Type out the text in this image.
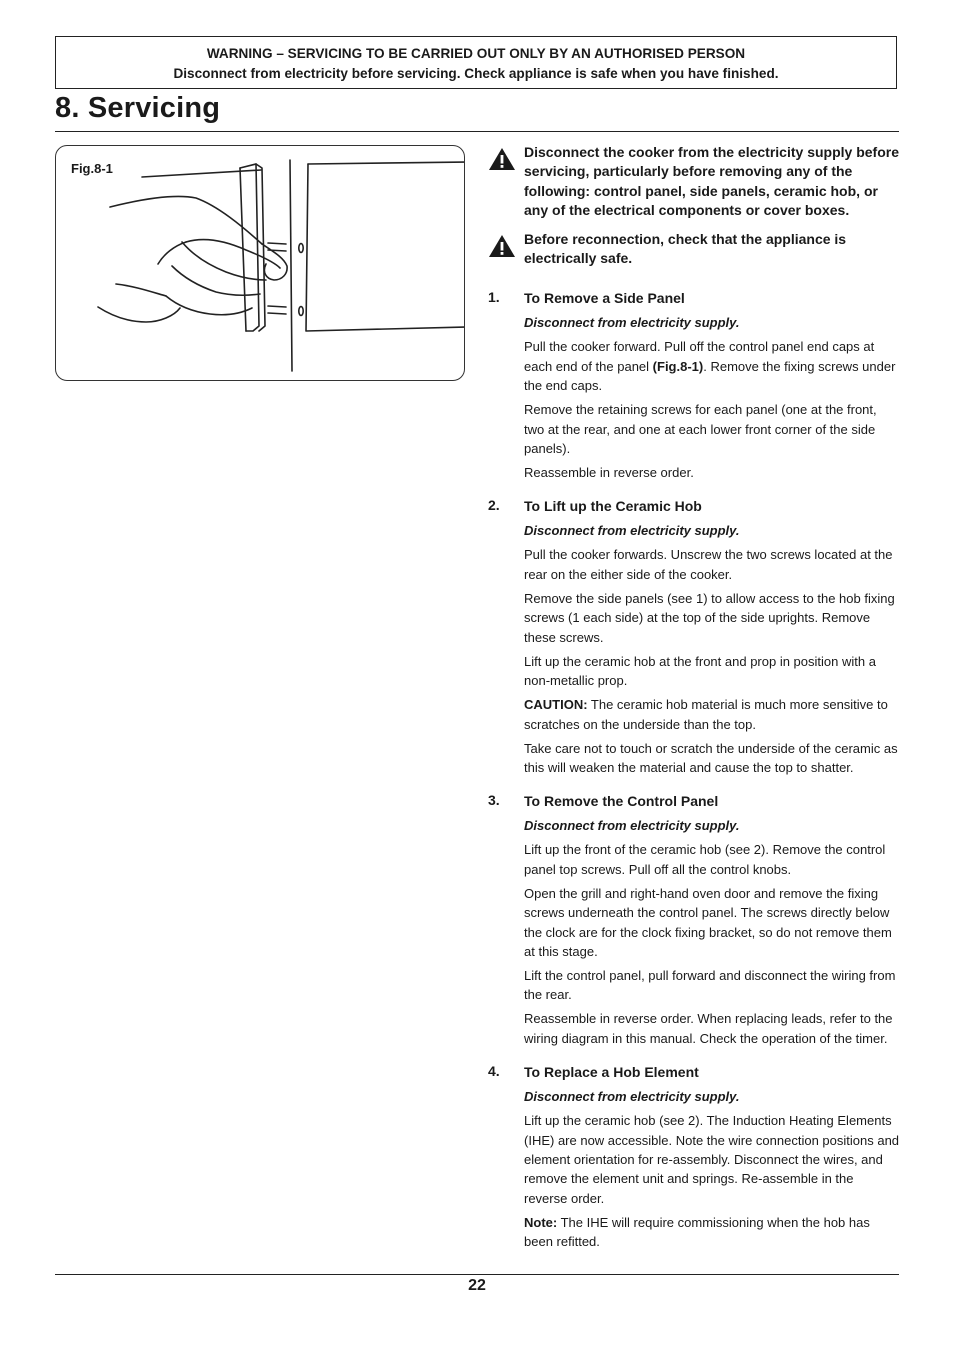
WARNING – SERVICING TO BE CARRIED OUT ONLY BY AN AUTHORISED PERSON
Disconnect from electricity before servicing. Check appliance is safe when you have finished.
8. Servicing
Fig.8-1
Disconnect the cooker from the electricity supply before servicing, particularly before removing any of the following: control panel, side panels, ceramic hob, or any of the electrical components or cover boxes.
Before reconnection, check that the appliance is electrically safe.
1. To Remove a Side Panel

Disconnect from electricity supply.

Pull the cooker forward. Pull off the control panel end caps at each end of the panel (Fig.8-1). Remove the fixing screws under the end caps.

Remove the retaining screws for each panel (one at the front, two at the rear, and one at each lower front corner of the side panels).

Reassemble in reverse order.

2. To Lift up the Ceramic Hob

Disconnect from electricity supply.

Pull the cooker forwards. Unscrew the two screws located at the rear on the either side of the cooker.

Remove the side panels (see 1) to allow access to the hob fixing screws (1 each side) at the top of the side uprights. Remove these screws.

Lift up the ceramic hob at the front and prop in position with a non-metallic prop.

CAUTION: The ceramic hob material is much more sensitive to scratches on the underside than the top.

Take care not to touch or scratch the underside of the ceramic as this will weaken the material and cause the top to shatter.

3. To Remove the Control Panel

Disconnect from electricity supply.

Lift up the front of the ceramic hob (see 2). Remove the control panel top screws. Pull off all the control knobs.

Open the grill and right-hand oven door and remove the fixing screws underneath the control panel. The screws directly below the clock are for the clock fixing bracket, so do not remove them at this stage.

Lift the control panel, pull forward and disconnect the wiring from the rear.

Reassemble in reverse order. When replacing leads, refer to the wiring diagram in this manual. Check the operation of the timer.

4. To Replace a Hob Element

Disconnect from electricity supply.

Lift up the ceramic hob (see 2). The Induction Heating Elements (IHE) are now accessible. Note the wire connection positions and element orientation for re-assembly. Disconnect the wires, and remove the element unit and springs. Re-assemble in the reverse order.

Note: The IHE will require commissioning when the hob has been refitted.

22
